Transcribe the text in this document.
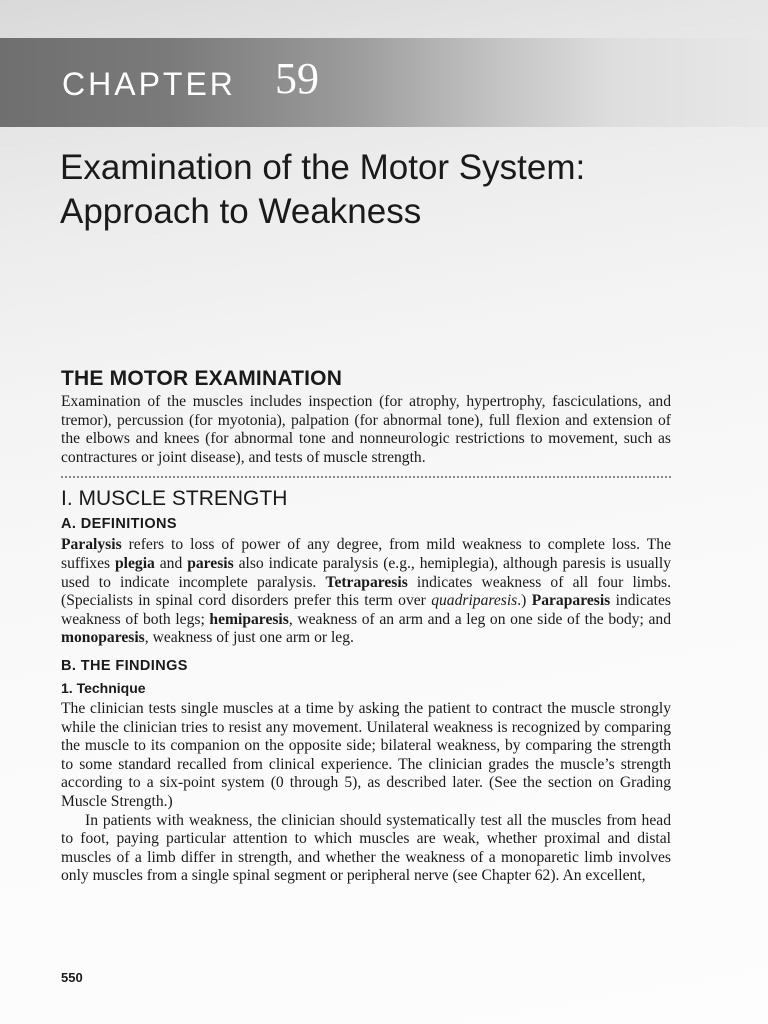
CHAPTER 59
Examination of the Motor System: Approach to Weakness
THE MOTOR EXAMINATION

Examination of the muscles includes inspection (for atrophy, hypertrophy, fasciculations, and tremor), percussion (for myotonia), palpation (for abnormal tone), full flexion and extension of the elbows and knees (for abnormal tone and nonneurologic restrictions to movement, such as contractures or joint disease), and tests of muscle strength.

I. MUSCLE STRENGTH
A. DEFINITIONS

Paralysis refers to loss of power of any degree, from mild weakness to complete loss. The suffixes plegia and paresis also indicate paralysis (e.g., hemiplegia), although paresis is usually used to indicate incomplete paralysis. Tetraparesis indicates weakness of all four limbs. (Specialists in spinal cord disorders prefer this term over quadriparesis.) Paraparesis indicates weakness of both legs; hemiparesis, weakness of an arm and a leg on one side of the body; and monoparesis, weakness of just one arm or leg.

B. THE FINDINGS
1. Technique

The clinician tests single muscles at a time by asking the patient to contract the muscle strongly while the clinician tries to resist any movement. Unilateral weakness is recognized by comparing the muscle to its companion on the opposite side; bilateral weakness, by comparing the strength to some standard recalled from clinical experience. The clinician grades the muscle’s strength according to a six-point system (0 through 5), as described later. (See the section on Grading Muscle Strength.)

In patients with weakness, the clinician should systematically test all the muscles from head to foot, paying particular attention to which muscles are weak, whether proximal and distal muscles of a limb differ in strength, and whether the weakness of a monoparetic limb involves only muscles from a single spinal segment or peripheral nerve (see Chapter 62). An excellent,

550
